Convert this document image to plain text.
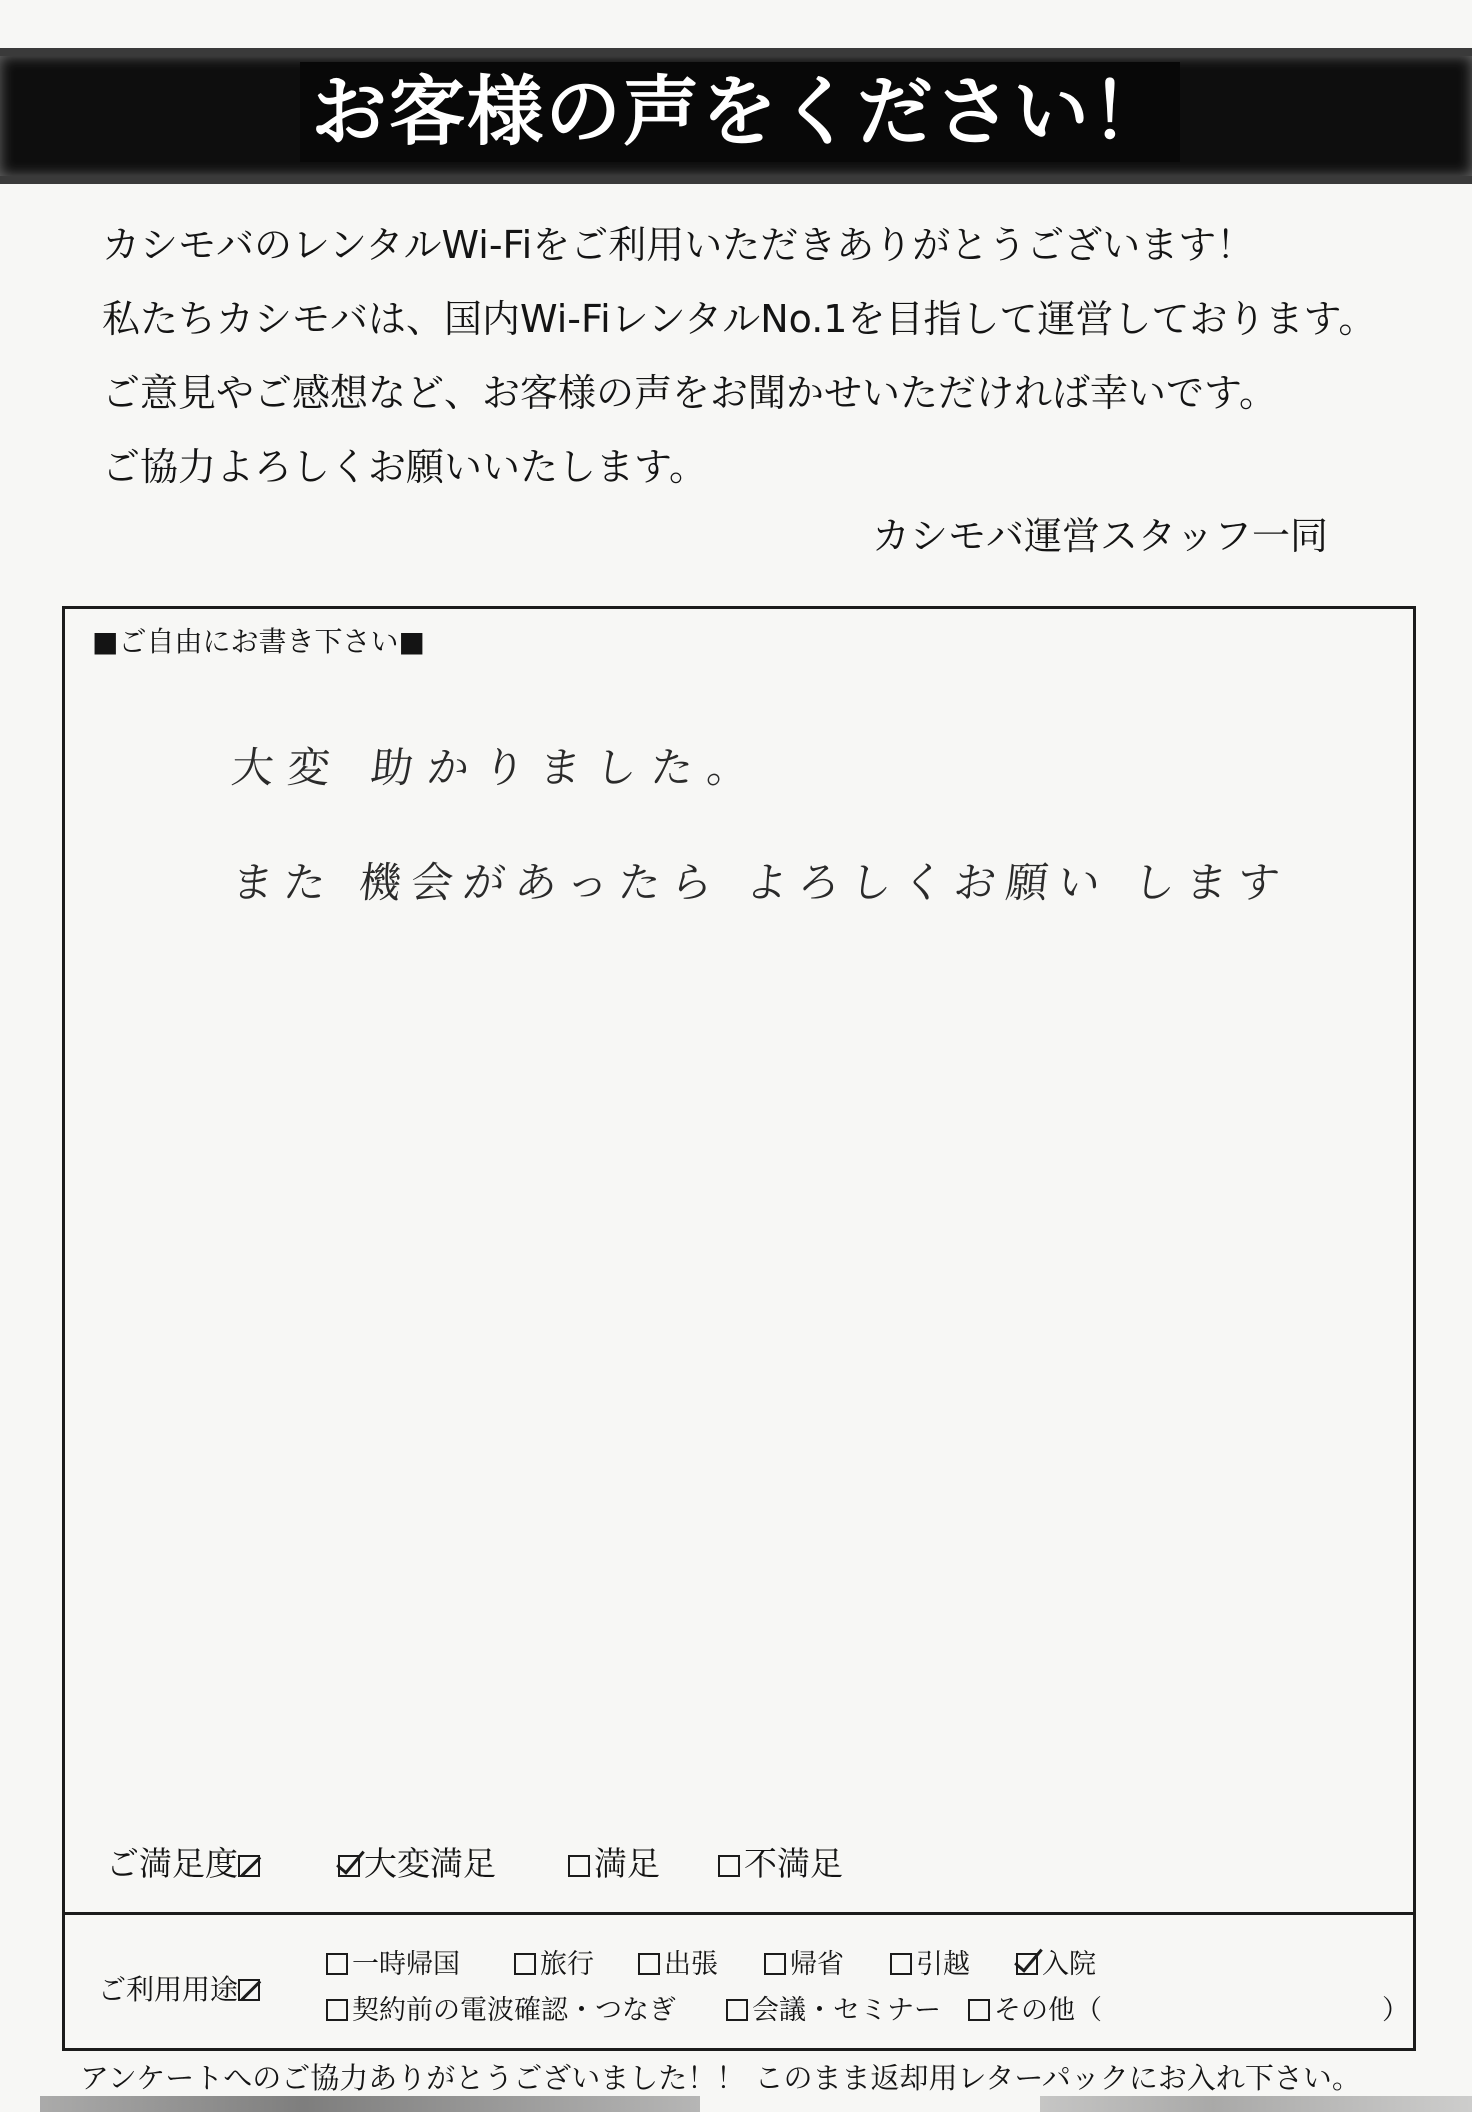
お客様の声をください！
カシモバのレンタルWi-Fiをご利用いただきありがとうございます！
私たちカシモバは、国内Wi-FiレンタルNo.1を目指して運営しております。
ご意見やご感想など、お客様の声をお聞かせいただければ幸いです。
ご協力よろしくお願いいたします。
カシモバ運営スタッフ一同
■ご自由にお書き下さい■
大変 助かりました。
また 機会があったら よろしくお願い します
ご満足度	大変満足	満足	不満足
ご利用用途
一時帰国	旅行	出張	帰省	引越	入院
契約前の電波確認・つなぎ	会議・セミナー	その他（	）
アンケートへのご協力ありがとうございました！！ このまま返却用レターパックにお入れ下さい。
